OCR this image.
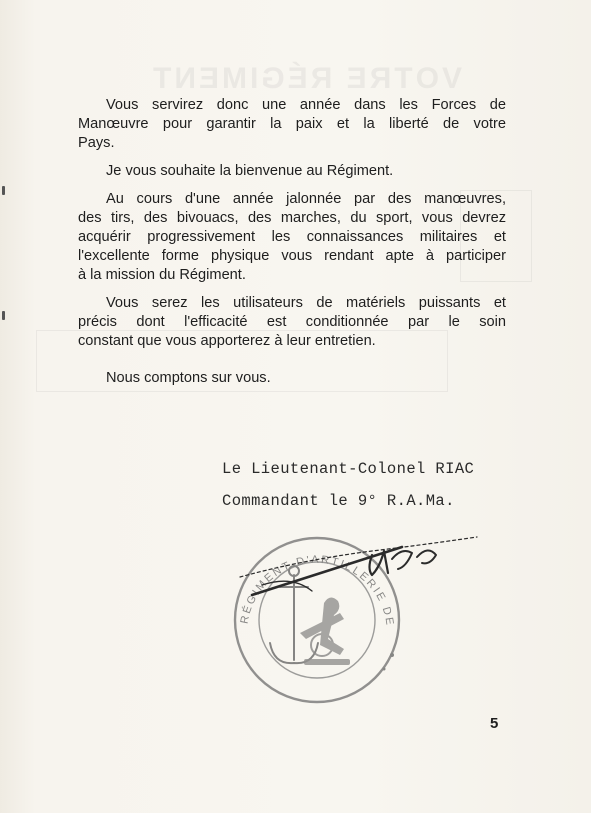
VOTRE RÉGIMENT

Vous servirez donc une année dans les Forces de
Manœuvre pour garantir la paix et la liberté de votre
Pays.

Je vous souhaite la bienvenue au Régiment.

Au cours d'une année jalonnée par des manœuvres,
des tirs, des bivouacs, des marches, du sport, vous devrez
acquérir progressivement les connaissances militaires et
l'excellente forme physique vous rendant apte à participer
à la mission du Régiment.

Vous serez les utilisateurs de matériels puissants et
précis dont l'efficacité est conditionnée par le soin
constant que vous apporterez à leur entretien.

Nous comptons sur vous.

Le Lieutenant-Colonel RIAC
Commandant le 9° R.A.Ma.
RÉGIMENT D'ARTILLERIE DE
5
